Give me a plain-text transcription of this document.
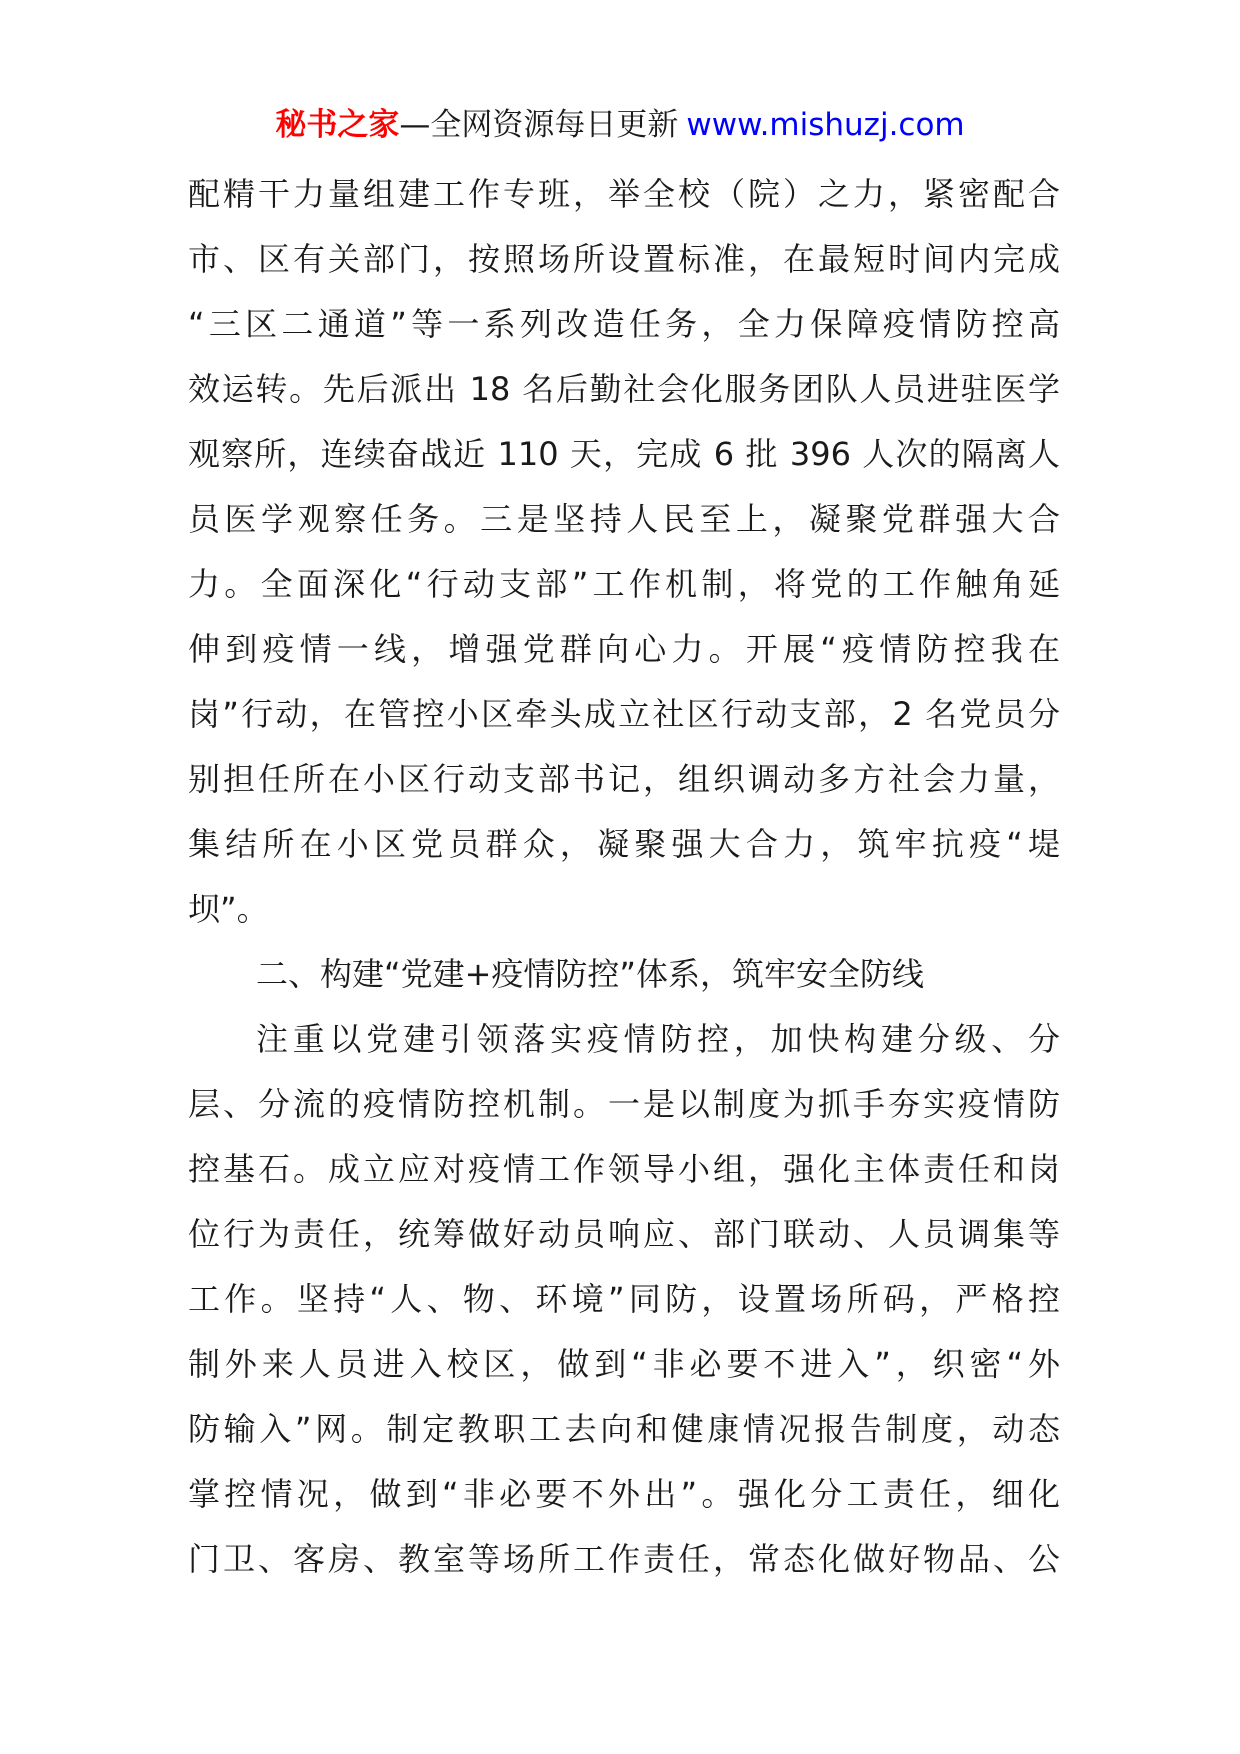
秘书之家—全网资源每日更新 www.mishuzj.com
配精干力量组建工作专班，举全校（院）之力，紧密配合
市、区有关部门，按照场所设置标准，在最短时间内完成
“三区二通道”等一系列改造任务，全力保障疫情防控高
效运转。先后派出 18 名后勤社会化服务团队人员进驻医学
观察所，连续奋战近 110 天，完成 6 批 396 人次的隔离人
员医学观察任务。三是坚持人民至上，凝聚党群强大合
力。全面深化“行动支部”工作机制，将党的工作触角延
伸到疫情一线，增强党群向心力。开展“疫情防控我在
岗”行动，在管控小区牵头成立社区行动支部，2 名党员分
别担任所在小区行动支部书记，组织调动多方社会力量，
集结所在小区党员群众，凝聚强大合力，筑牢抗疫“堤
坝”。
二、构建“党建+疫情防控”体系，筑牢安全防线
注重以党建引领落实疫情防控，加快构建分级、分
层、分流的疫情防控机制。一是以制度为抓手夯实疫情防
控基石。成立应对疫情工作领导小组，强化主体责任和岗
位行为责任，统筹做好动员响应、部门联动、人员调集等
工作。坚持“人、物、环境”同防，设置场所码，严格控
制外来人员进入校区，做到“非必要不进入”，织密“外
防输入”网。制定教职工去向和健康情况报告制度，动态
掌控情况，做到“非必要不外出”。强化分工责任，细化
门卫、客房、教室等场所工作责任，常态化做好物品、公
